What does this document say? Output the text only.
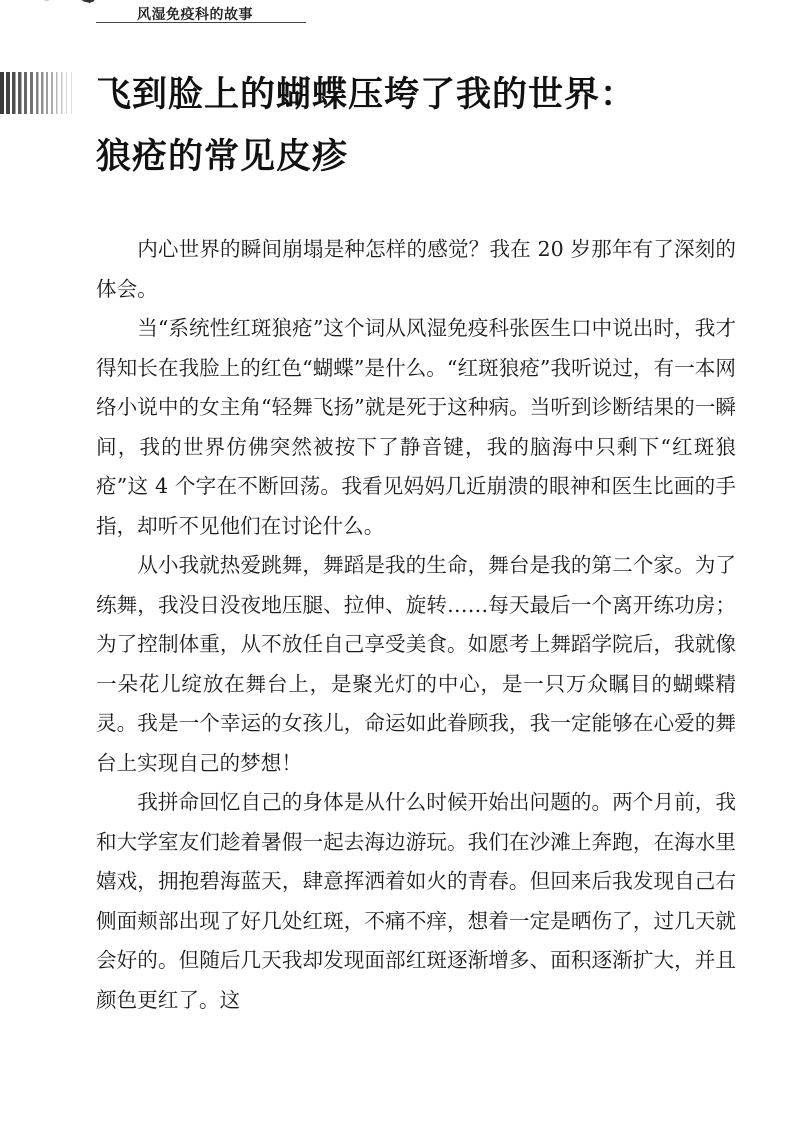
风湿免疫科的故事
飞到脸上的蝴蝶压垮了我的世界：
狼疮的常见皮疹

内心世界的瞬间崩塌是种怎样的感觉？我在 20 岁那年有了深刻的体会。

当“系统性红斑狼疮”这个词从风湿免疫科张医生口中说出时，我才得知长在我脸上的红色“蝴蝶”是什么。“红斑狼疮”我听说过，有一本网络小说中的女主角“轻舞飞扬”就是死于这种病。当听到诊断结果的一瞬间，我的世界仿佛突然被按下了静音键，我的脑海中只剩下“红斑狼疮”这 4 个字在不断回荡。我看见妈妈几近崩溃的眼神和医生比画的手指，却听不见他们在讨论什么。

从小我就热爱跳舞，舞蹈是我的生命，舞台是我的第二个家。为了练舞，我没日没夜地压腿、拉伸、旋转……每天最后一个离开练功房；为了控制体重，从不放任自己享受美食。如愿考上舞蹈学院后，我就像一朵花儿绽放在舞台上，是聚光灯的中心，是一只万众瞩目的蝴蝶精灵。我是一个幸运的女孩儿，命运如此眷顾我，我一定能够在心爱的舞台上实现自己的梦想！

我拼命回忆自己的身体是从什么时候开始出问题的。两个月前，我和大学室友们趁着暑假一起去海边游玩。我们在沙滩上奔跑，在海水里嬉戏，拥抱碧海蓝天，肆意挥洒着如火的青春。但回来后我发现自己右侧面颊部出现了好几处红斑，不痛不痒，想着一定是晒伤了，过几天就会好的。但随后几天我却发现面部红斑逐渐增多、面积逐渐扩大，并且颜色更红了。这
